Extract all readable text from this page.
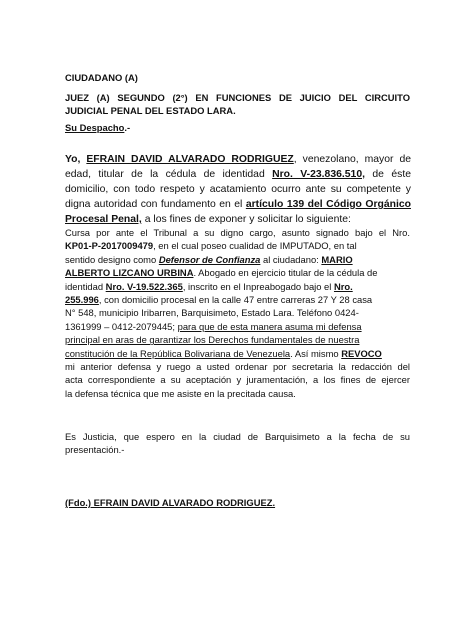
CIUDADANO (A)

JUEZ (A) SEGUNDO (2°) EN FUNCIONES DE JUICIO DEL CIRCUITO
JUDICIAL PENAL DEL ESTADO LARA.

Su Despacho.-

Yo, EFRAIN DAVID ALVARADO RODRIGUEZ, venezolano, mayor de edad, titular de la cédula de identidad Nro. V-23.836.510, de éste domicilio, con todo respeto y acatamiento ocurro ante su competente y digna autoridad con fundamento en el artículo 139 del Código Orgánico Procesal Penal, a los fines de exponer y solicitar lo siguiente:

Cursa por ante el Tribunal a su digno cargo, asunto signado bajo el Nro.
KP01-P-2017009479, en el cual poseo cualidad de IMPUTADO, en tal
sentido designo como Defensor de Confianza al ciudadano: MARIO
ALBERTO LIZCANO URBINA. Abogado en ejercicio titular de la cédula de
identidad Nro. V-19.522.365, inscrito en el Inpreabogado bajo el Nro.
255.996, con domicilio procesal en la calle 47 entre carreras 27 Y 28 casa
N° 548, municipio Iribarren, Barquisimeto, Estado Lara. Teléfono 0424-
1361999 – 0412-2079445; para que de esta manera asuma mi defensa
principal en aras de garantizar los Derechos fundamentales de nuestra
constitución de la República Bolivariana de Venezuela. Así mismo REVOCO
mi anterior defensa y ruego a usted ordenar por secretaria la redacción del
acta correspondiente a su aceptación y juramentación, a los fines de ejercer
la defensa técnica que me asiste en la precitada causa.

Es Justicia, que espero en la ciudad de Barquisimeto a la fecha de su
presentación.-

(Fdo.) EFRAIN DAVID ALVARADO RODRIGUEZ.
